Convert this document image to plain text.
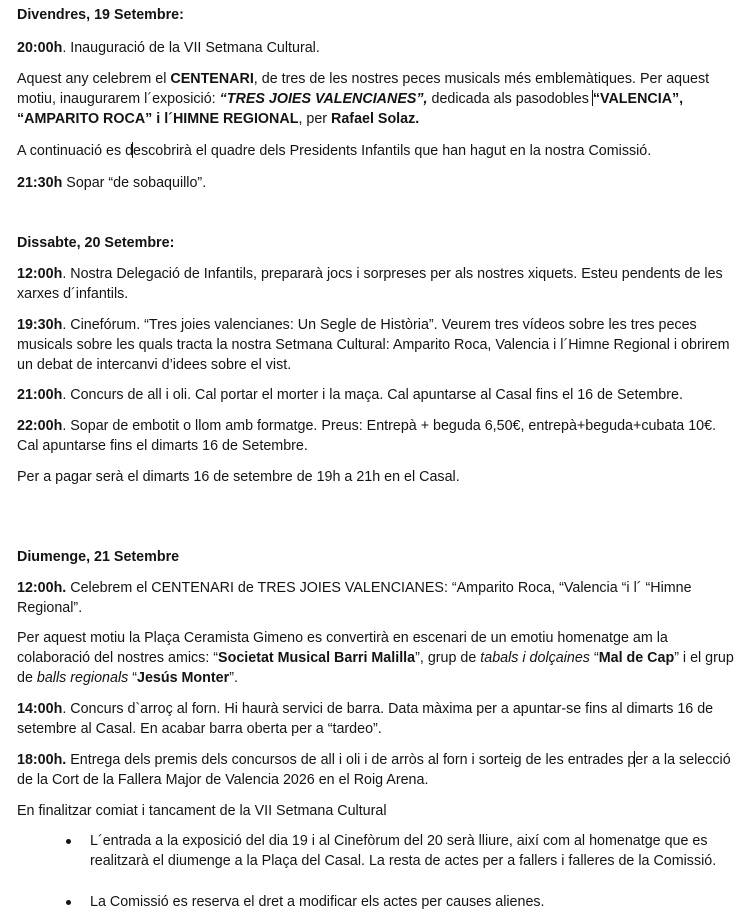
Divendres, 19 Setembre:

20:00h. Inauguració de la VII Setmana Cultural.

Aquest any celebrem el CENTENARI, de tres de les nostres peces musicals més emblemàtiques. Per aquest motiu, inaugurarem l´exposició: “TRES JOIES VALENCIANES”, dedicada als pasodobles “VALENCIA”, “AMPARITO ROCA” i l´HIMNE REGIONAL, per Rafael Solaz.

A continuació es descobrirà el quadre dels Presidents Infantils que han hagut en la nostra Comissió.

21:30h Sopar “de sobaquillo”.

Dissabte, 20 Setembre:

12:00h. Nostra Delegació de Infantils, prepararà jocs i sorpreses per als nostres xiquets. Esteu pendents de les xarxes d´infantils.

19:30h. Cinefórum. “Tres joies valencianes: Un Segle de Història”. Veurem tres vídeos sobre les tres peces musicals sobre les quals tracta la nostra Setmana Cultural: Amparito Roca, Valencia i l´Himne Regional i obrirem un debat de intercanvi d’idees sobre el vist.

21:00h. Concurs de all i oli. Cal portar el morter i la maça. Cal apuntarse al Casal fins el 16 de Setembre.

22:00h. Sopar de embotit o llom amb formatge. Preus: Entrepà + beguda 6,50€, entrepà+beguda+cubata 10€. Cal apuntarse fins el dimarts 16 de Setembre.

Per a pagar serà el dimarts 16 de setembre de 19h a 21h en el Casal.

Diumenge, 21 Setembre

12:00h. Celebrem el CENTENARI de TRES JOIES VALENCIANES: “Amparito Roca, “Valencia “i l´ “Himne Regional”.

Per aquest motiu la Plaça Ceramista Gimeno es convertirà en escenari de un emotiu homenatge am la colaboració del nostres amics: “Societat Musical Barri Malilla”, grup de tabals i dolçaines “Mal de Cap” i el grup de balls regionals “Jesús Monter”.

14:00h. Concurs d`arroç al forn. Hi haurà servici de barra. Data màxima per a apuntar-se fins al dimarts 16 de setembre al Casal. En acabar barra oberta per a “tardeo”.

18:00h. Entrega dels premis dels concursos de all i oli i de arròs al forn i sorteig de les entrades per a la selecció de la Cort de la Fallera Major de Valencia 2026 en el Roig Arena.

En finalitzar comiat i tancament de la VII Setmana Cultural

L´entrada a la exposició del dia 19 i al Cinefòrum del 20 serà lliure, així com al homenatge que es realitzarà el diumenge a la Plaça del Casal. La resta de actes per a fallers i falleres de la Comissió.
La Comissió es reserva el dret a modificar els actes per causes alienes.
